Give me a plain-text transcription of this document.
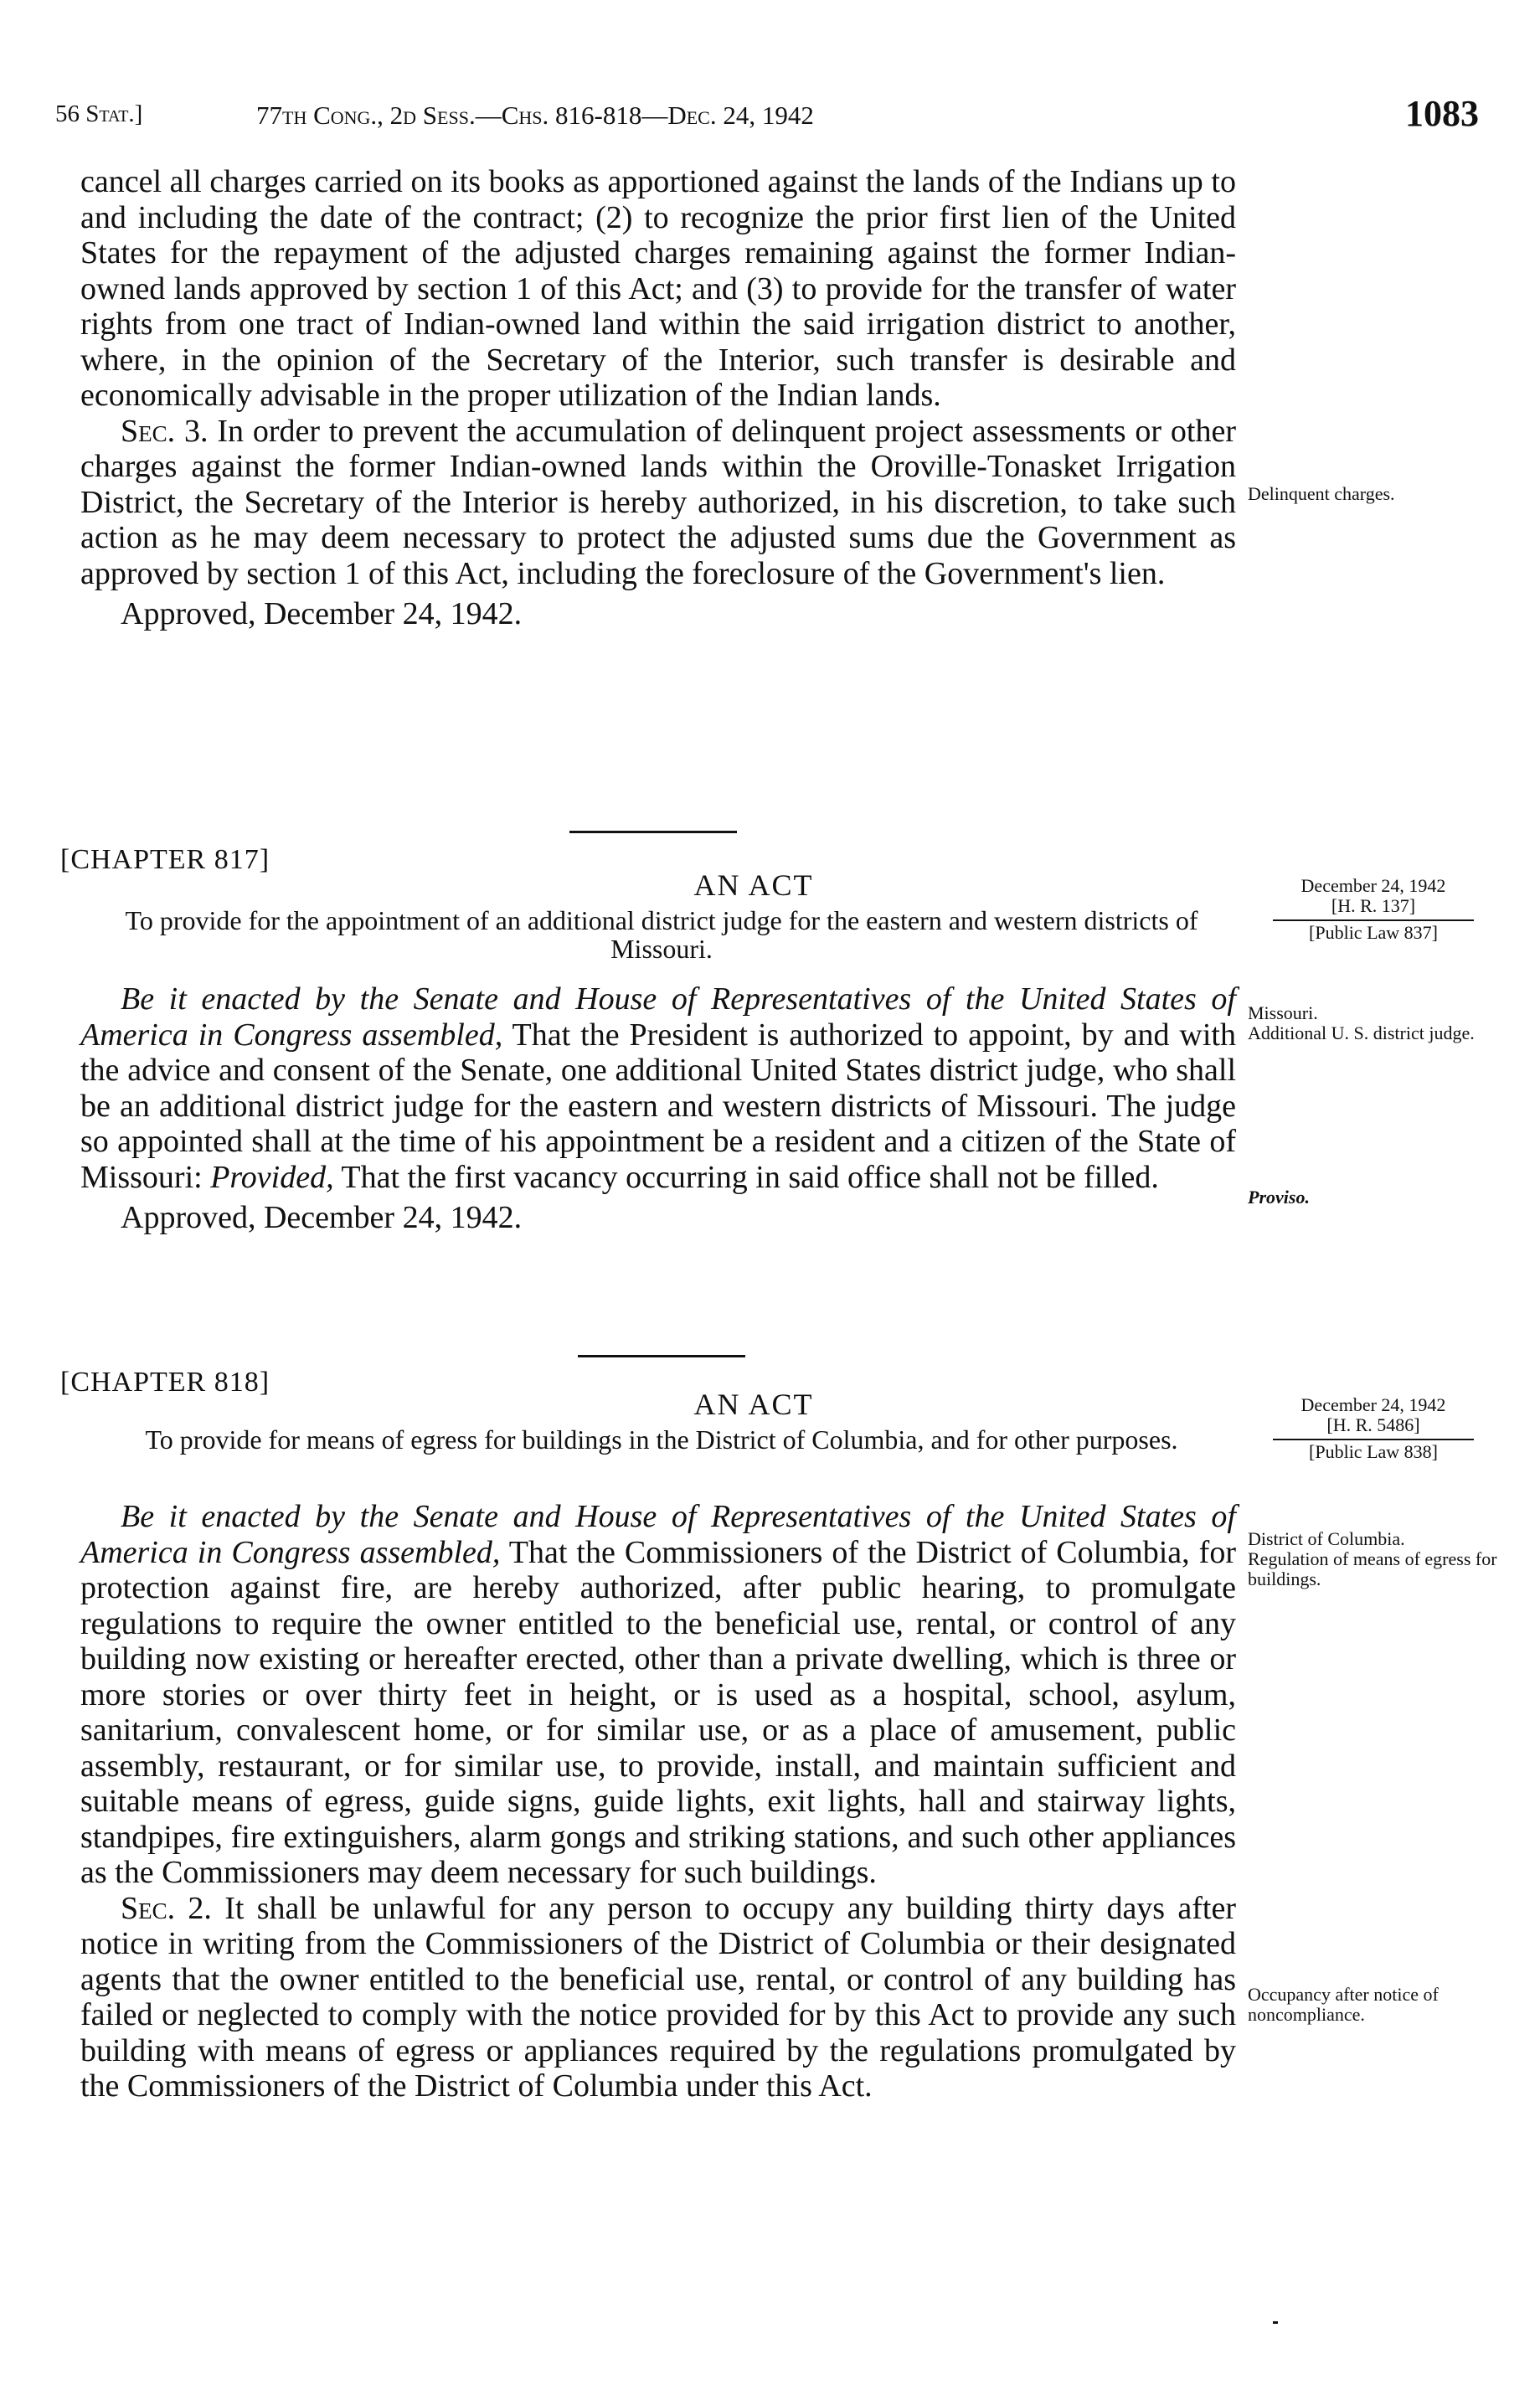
56 Stat.]	77th Cong., 2d Sess.—Chs. 816-818—Dec. 24, 1942	1083

cancel all charges carried on its books as apportioned against the lands of the Indians up to and including the date of the contract; (2) to recognize the prior first lien of the United States for the repayment of the adjusted charges remaining against the former Indian-owned lands approved by section 1 of this Act; and (3) to provide for the transfer of water rights from one tract of Indian-owned land within the said irrigation district to another, where, in the opinion of the Secretary of the Interior, such transfer is desirable and economically advisable in the proper utilization of the Indian lands.

Sec. 3. In order to prevent the accumulation of delinquent project assessments or other charges against the former Indian-owned lands within the Oroville-Tonasket Irrigation District, the Secretary of the Interior is hereby authorized, in his discretion, to take such action as he may deem necessary to protect the adjusted sums due the Government as approved by section 1 of this Act, including the foreclosure of the Government's lien.

Approved, December 24, 1942.

Delinquent charges.

[CHAPTER 817]
AN ACT
To provide for the appointment of an additional district judge for the eastern and western districts of Missouri.

December 24, 1942

[H. R. 137]

[Public Law 837]

Be it enacted by the Senate and House of Representatives of the United States of America in Congress assembled, That the President is authorized to appoint, by and with the advice and consent of the Senate, one additional United States district judge, who shall be an additional district judge for the eastern and western districts of Missouri. The judge so appointed shall at the time of his appointment be a resident and a citizen of the State of Missouri: Provided, That the first vacancy occurring in said office shall not be filled.

Approved, December 24, 1942.

Missouri.

Additional U. S. district judge.

Proviso.

[CHAPTER 818]
AN ACT
To provide for means of egress for buildings in the District of Columbia, and for other purposes.

December 24, 1942

[H. R. 5486]

[Public Law 838]

Be it enacted by the Senate and House of Representatives of the United States of America in Congress assembled, That the Commissioners of the District of Columbia, for protection against fire, are hereby authorized, after public hearing, to promulgate regulations to require the owner entitled to the beneficial use, rental, or control of any building now existing or hereafter erected, other than a private dwelling, which is three or more stories or over thirty feet in height, or is used as a hospital, school, asylum, sanitarium, convalescent home, or for similar use, or as a place of amusement, public assembly, restaurant, or for similar use, to provide, install, and maintain sufficient and suitable means of egress, guide signs, guide lights, exit lights, hall and stairway lights, standpipes, fire extinguishers, alarm gongs and striking stations, and such other appliances as the Commissioners may deem necessary for such buildings.

Sec. 2. It shall be unlawful for any person to occupy any building thirty days after notice in writing from the Commissioners of the District of Columbia or their designated agents that the owner entitled to the beneficial use, rental, or control of any building has failed or neglected to comply with the notice provided for by this Act to provide any such building with means of egress or appliances required by the regulations promulgated by the Commissioners of the District of Columbia under this Act.

District of Columbia.

Regulation of means of egress for buildings.

Occupancy after notice of noncompliance.
